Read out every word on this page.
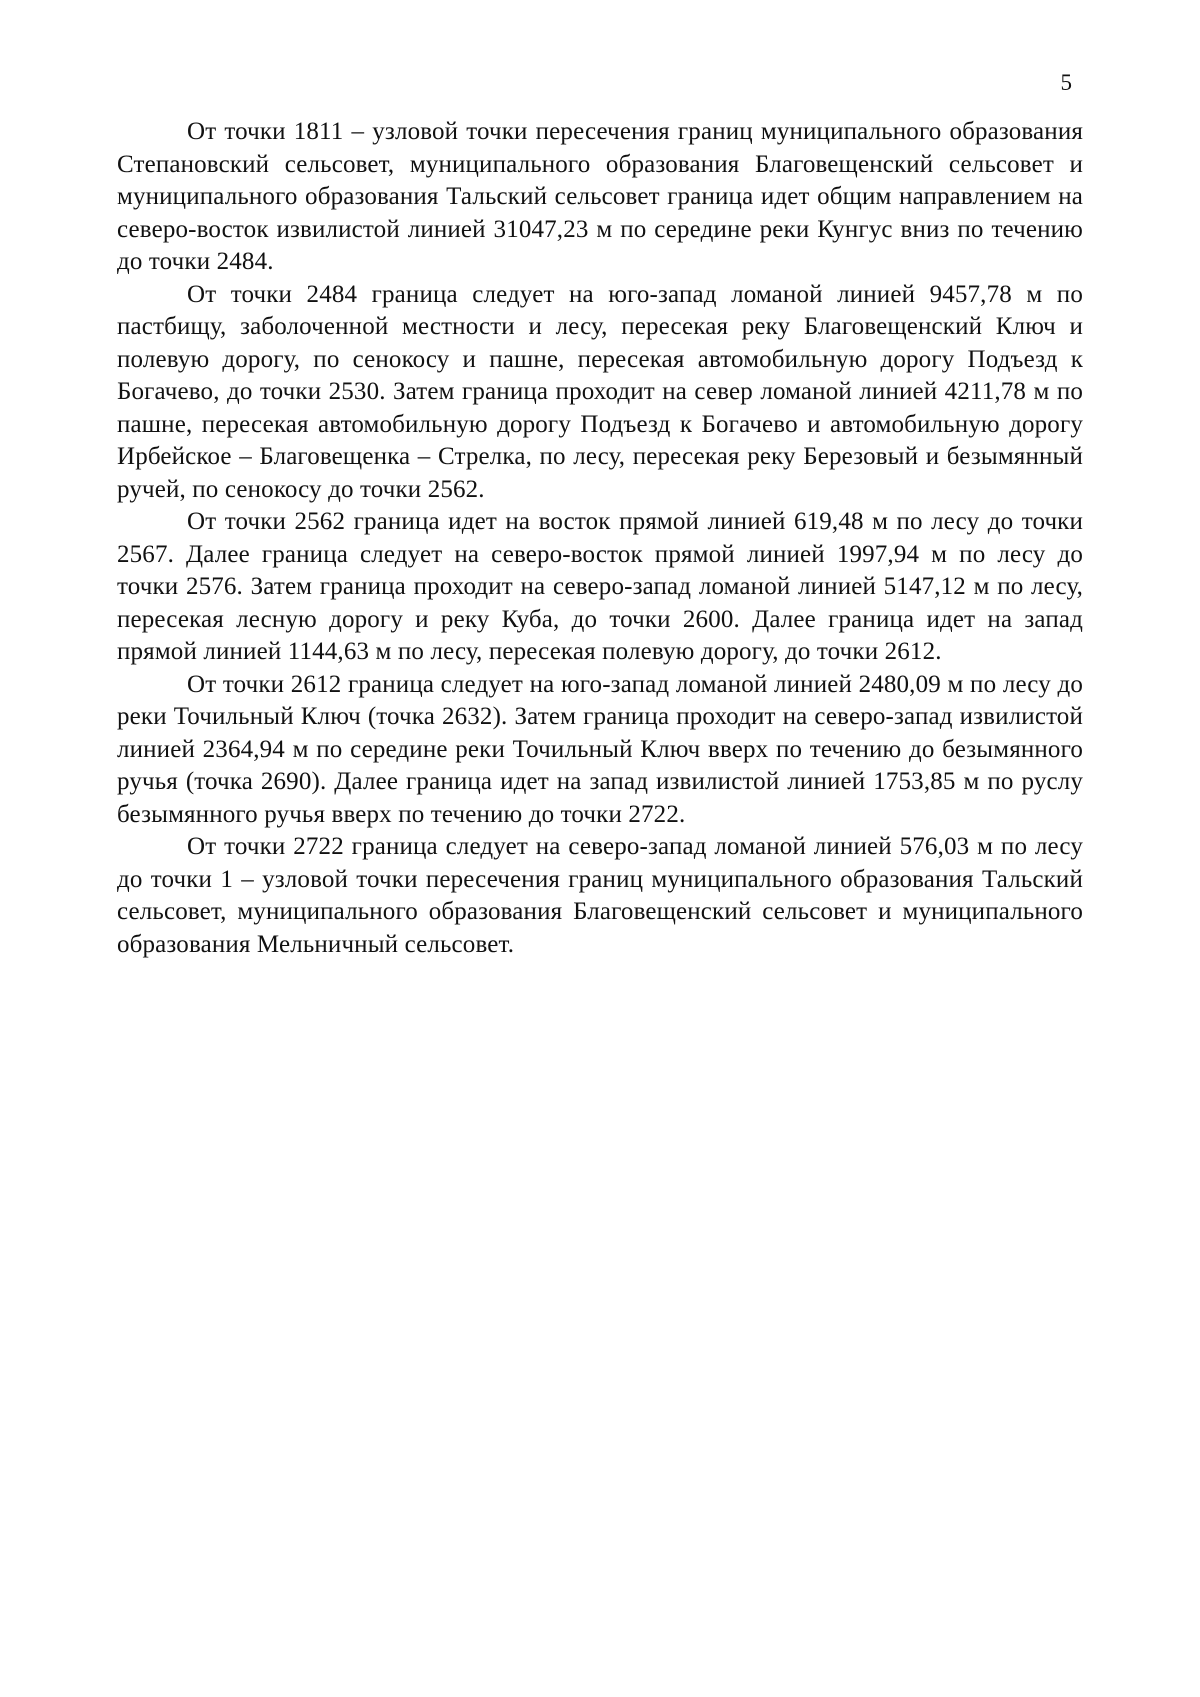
5

От точки 1811 – узловой точки пересечения границ муниципального образования Степановский сельсовет, муниципального образования Благовещенский сельсовет и муниципального образования Тальский сельсовет граница идет общим направлением на северо-восток извилистой линией 31047,23 м по середине реки Кунгус вниз по течению до точки 2484.

От точки 2484 граница следует на юго-запад ломаной линией 9457,78 м по пастбищу, заболоченной местности и лесу, пересекая реку Благовещенский Ключ и полевую дорогу, по сенокосу и пашне, пересекая автомобильную дорогу Подъезд к Богачево, до точки 2530. Затем граница проходит на север ломаной линией 4211,78 м по пашне, пересекая автомобильную дорогу Подъезд к Богачево и автомобильную дорогу Ирбейское – Благовещенка – Стрелка, по лесу, пересекая реку Березовый и безымянный ручей, по сенокосу до точки 2562.

От точки 2562 граница идет на восток прямой линией 619,48 м по лесу до точки 2567. Далее граница следует на северо-восток прямой линией 1997,94 м по лесу до точки 2576. Затем граница проходит на северо-запад ломаной линией 5147,12 м по лесу, пересекая лесную дорогу и реку Куба, до точки 2600. Далее граница идет на запад прямой линией 1144,63 м по лесу, пересекая полевую дорогу, до точки 2612.

От точки 2612 граница следует на юго-запад ломаной линией 2480,09 м по лесу до реки Точильный Ключ (точка 2632). Затем граница проходит на северо-запад извилистой линией 2364,94 м по середине реки Точильный Ключ вверх по течению до безымянного ручья (точка 2690). Далее граница идет на запад извилистой линией 1753,85 м по руслу безымянного ручья вверх по течению до точки 2722.

От точки 2722 граница следует на северо-запад ломаной линией 576,03 м по лесу до точки 1 – узловой точки пересечения границ муниципального образования Тальский сельсовет, муниципального образования Благовещенский сельсовет и муниципального образования Мельничный сельсовет.
